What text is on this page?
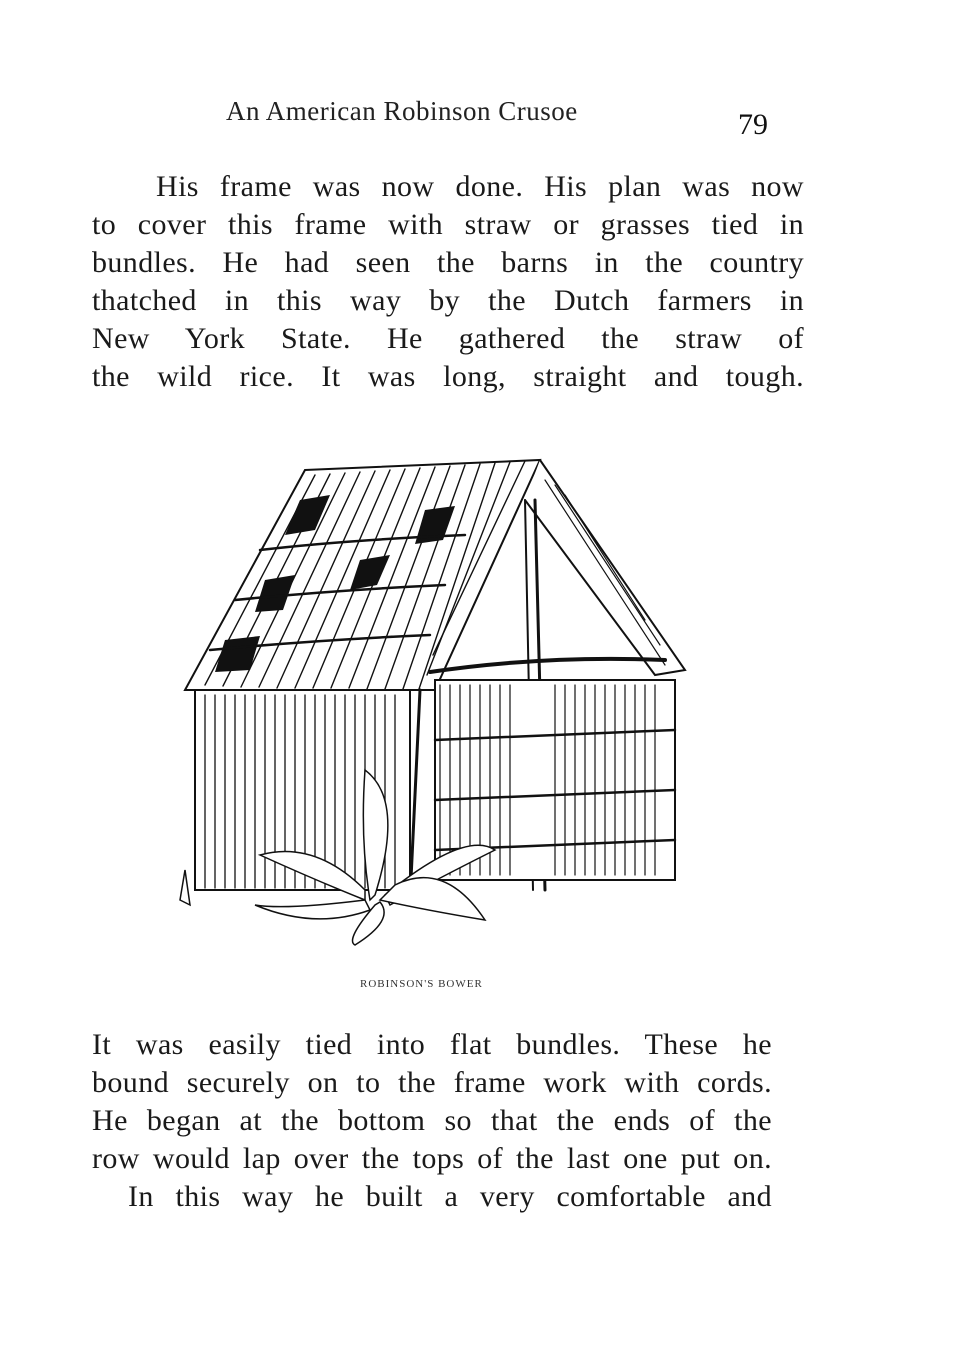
An American Robinson Crusoe	79

His frame was now done. His plan was now
to cover this frame with straw or grasses tied in
bundles. He had seen the barns in the country
thatched in this way by the Dutch farmers in
New York State. He gathered the straw of
the wild rice. It was long, straight and tough.

ROBINSON'S BOWER

It was easily tied into flat bundles. These he
bound securely on to the frame work with cords.
He began at the bottom so that the ends of the
row would lap over the tops of the last one put on.

In this way he built a very comfortable and
